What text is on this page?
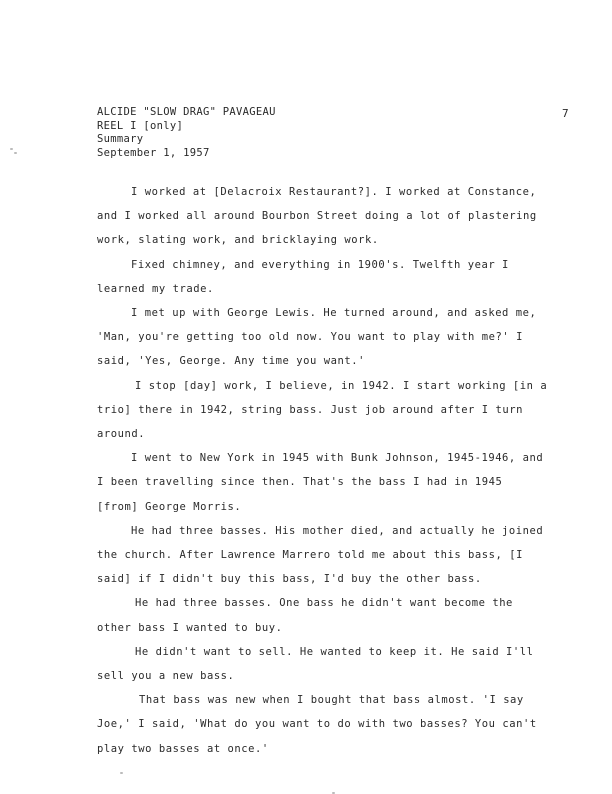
ALCIDE "SLOW DRAG" PAVAGEAU
REEL I [only]
Summary
September 1, 1957
7
I worked at [Delacroix Restaurant?]. I worked at Constance,
and I worked all around Bourbon Street doing a lot of plastering
work, slating work, and bricklaying work.
Fixed chimney, and everything in 1900's. Twelfth year I
learned my trade.
I met up with George Lewis. He turned around, and asked me,
'Man, you're getting too old now. You want to play with me?' I
said, 'Yes, George. Any time you want.'
I stop [day] work, I believe, in 1942. I start working [in a
trio] there in 1942, string bass. Just job around after I turn
around.
I went to New York in 1945 with Bunk Johnson, 1945-1946, and
I been travelling since then. That's the bass I had in 1945
[from] George Morris.
He had three basses. His mother died, and actually he joined
the church. After Lawrence Marrero told me about this bass, [I
said] if I didn't buy this bass, I'd buy the other bass.
He had three basses. One bass he didn't want become the
other bass I wanted to buy.
He didn't want to sell. He wanted to keep it. He said I'll
sell you a new bass.
That bass was new when I bought that bass almost. 'I say
Joe,' I said, 'What do you want to do with two basses? You can't
play two basses at once.'
